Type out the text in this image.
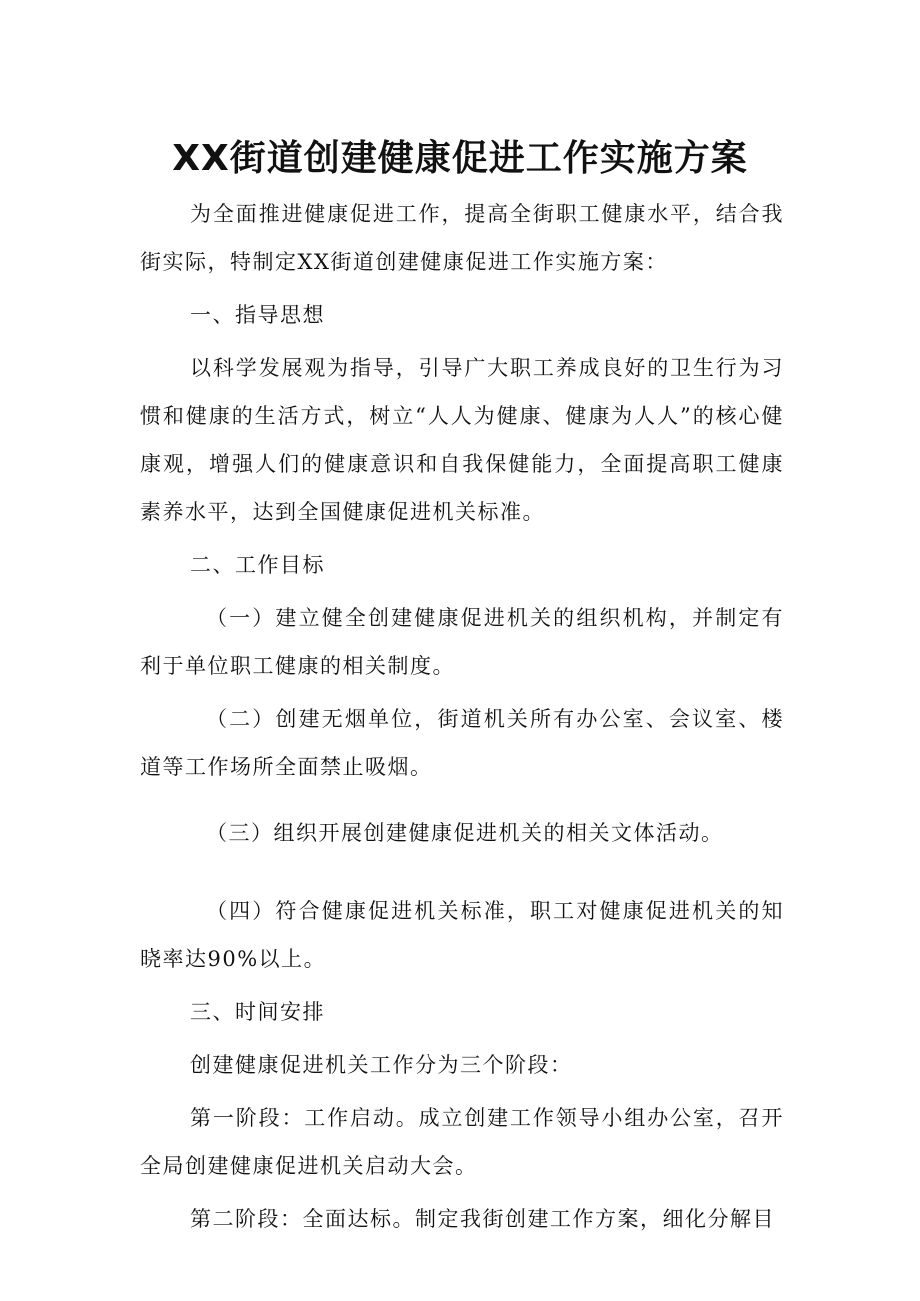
XX街道创建健康促进工作实施方案

为全面推进健康促进工作，提高全街职工健康水平，结合我街实际，特制定XX街道创建健康促进工作实施方案：

一、指导思想

以科学发展观为指导，引导广大职工养成良好的卫生行为习惯和健康的生活方式，树立“人人为健康、健康为人人”的核心健康观，增强人们的健康意识和自我保健能力，全面提高职工健康素养水平，达到全国健康促进机关标准。

二、工作目标

（一）建立健全创建健康促进机关的组织机构，并制定有利于单位职工健康的相关制度。

（二）创建无烟单位，街道机关所有办公室、会议室、楼道等工作场所全面禁止吸烟。

（三）组织开展创建健康促进机关的相关文体活动。

（四）符合健康促进机关标准，职工对健康促进机关的知晓率达90%以上。

三、时间安排

创建健康促进机关工作分为三个阶段：

第一阶段：工作启动。成立创建工作领导小组办公室，召开全局创建健康促进机关启动大会。

第二阶段：全面达标。制定我街创建工作方案，细化分解目
